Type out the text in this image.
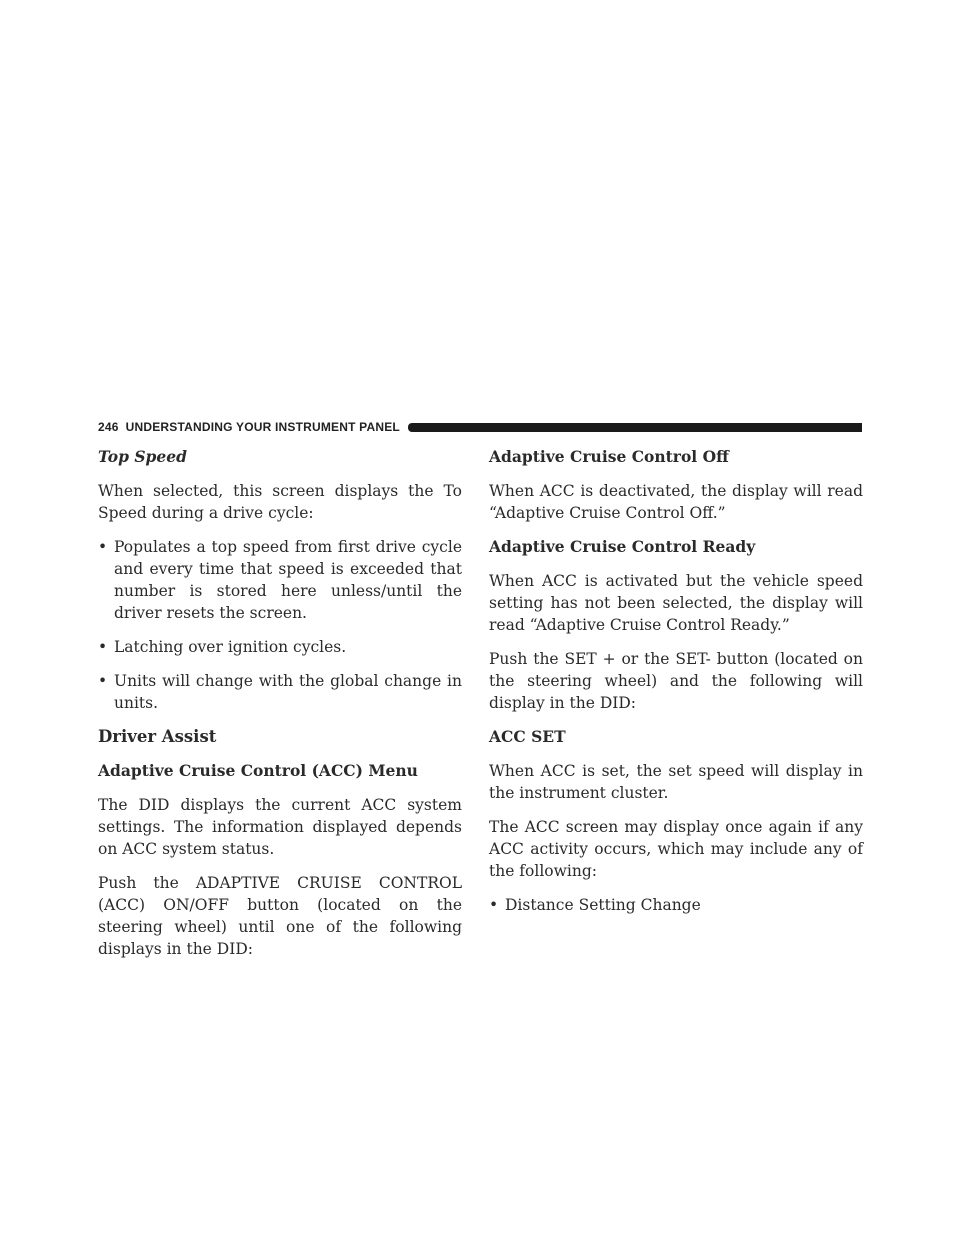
246 UNDERSTANDING YOUR INSTRUMENT PANEL
Top Speed

When selected, this screen displays the To Speed during a drive cycle:

• Populates a top speed from first drive cycle and every time that speed is exceeded that number is stored here unless/until the driver resets the screen.
• Latching over ignition cycles.
• Units will change with the global change in units.
Driver Assist
Adaptive Cruise Control (ACC) Menu

The DID displays the current ACC system settings. The information displayed depends on ACC system status.

Push the ADAPTIVE CRUISE CONTROL (ACC) ON/OFF button (located on the steering wheel) until one of the following displays in the DID:

Adaptive Cruise Control Off

When ACC is deactivated, the display will read “Adaptive Cruise Control Off.”

Adaptive Cruise Control Ready

When ACC is activated but the vehicle speed setting has not been selected, the display will read “Adaptive Cruise Control Ready.”

Push the SET + or the SET- button (located on the steering wheel) and the following will display in the DID:

ACC SET

When ACC is set, the set speed will display in the instrument cluster.

The ACC screen may display once again if any ACC activity occurs, which may include any of the following:

• Distance Setting Change
